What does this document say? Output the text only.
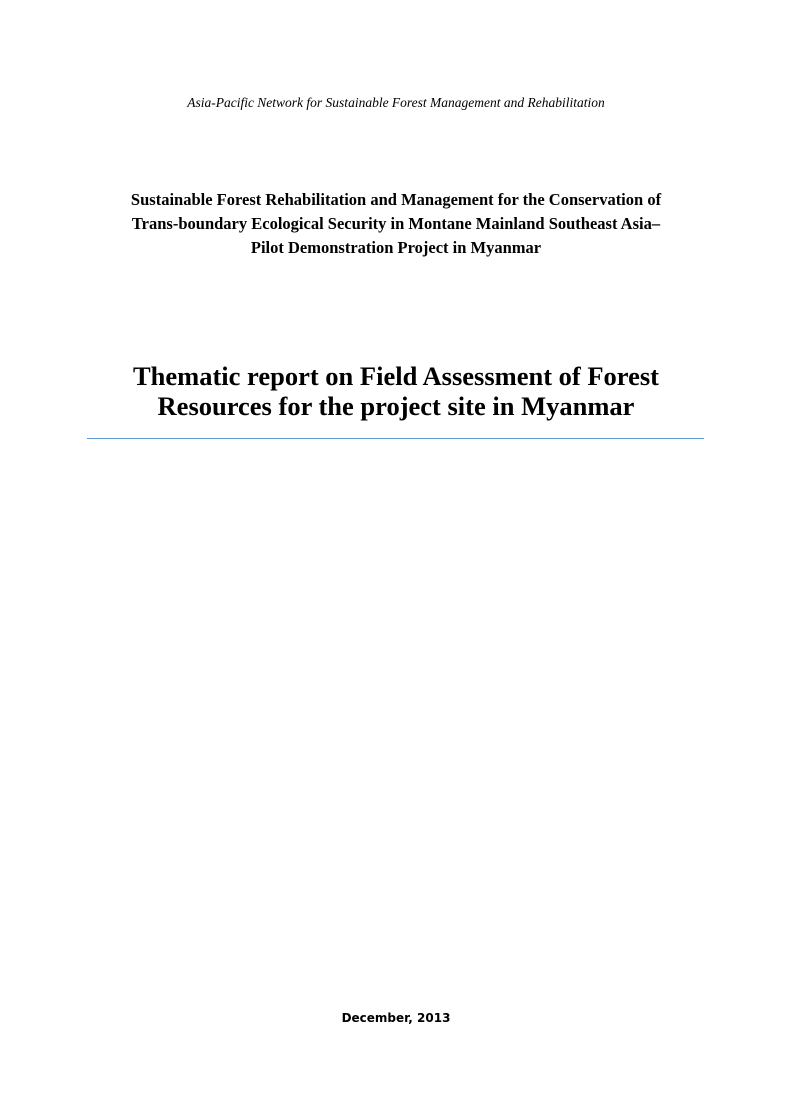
Asia-Pacific Network for Sustainable Forest Management and Rehabilitation
Sustainable Forest Rehabilitation and Management for the Conservation of
Trans-boundary Ecological Security in Montane Mainland Southeast Asia–
Pilot Demonstration Project in Myanmar
Thematic report on Field Assessment of Forest
Resources for the project site in Myanmar
December, 2013
